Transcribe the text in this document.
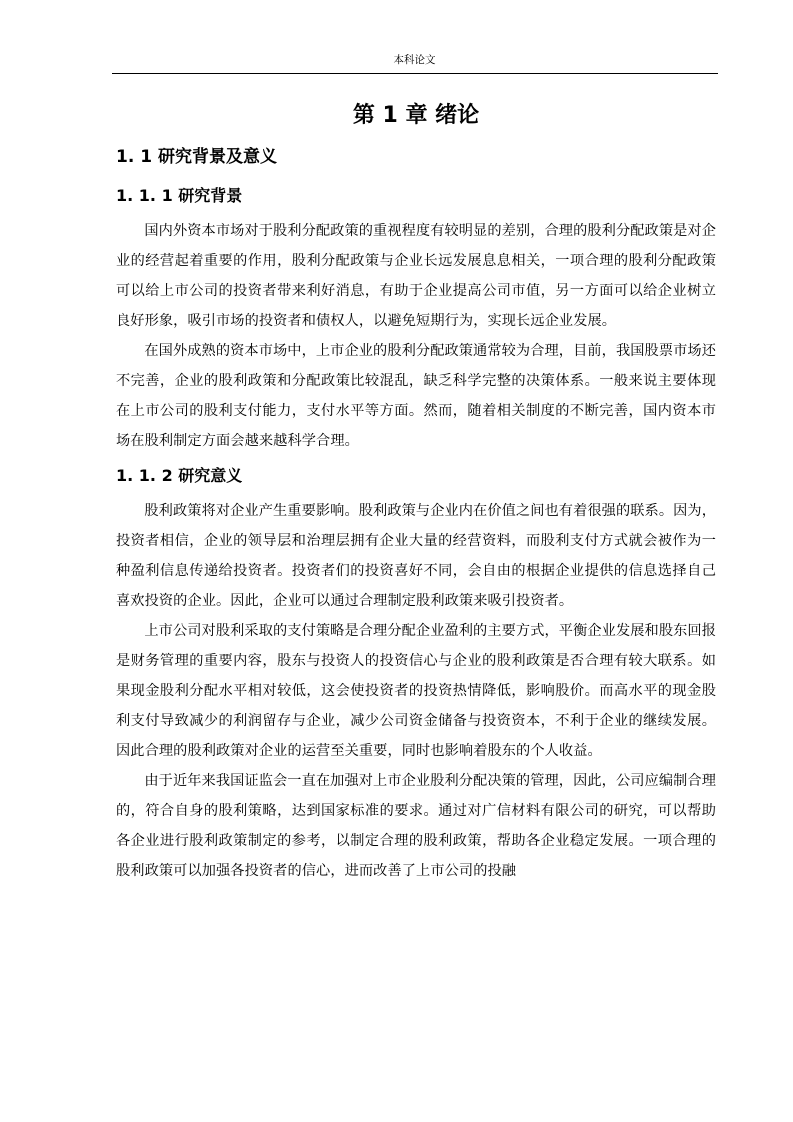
本科论文
第 1 章 绪论
1. 1 研究背景及意义
1. 1. 1 研究背景

国内外资本市场对于股利分配政策的重视程度有较明显的差别，合理的股利分配政策是对企业的经营起着重要的作用，股利分配政策与企业长远发展息息相关，一项合理的股利分配政策可以给上市公司的投资者带来利好消息，有助于企业提高公司市值，另一方面可以给企业树立良好形象，吸引市场的投资者和债权人，以避免短期行为，实现长远企业发展。

在国外成熟的资本市场中，上市企业的股利分配政策通常较为合理，目前，我国股票市场还不完善，企业的股利政策和分配政策比较混乱，缺乏科学完整的决策体系。一般来说主要体现在上市公司的股利支付能力，支付水平等方面。然而，随着相关制度的不断完善，国内资本市场在股利制定方面会越来越科学合理。

1. 1. 2 研究意义

股利政策将对企业产生重要影响。股利政策与企业内在价值之间也有着很强的联系。因为，投资者相信，企业的领导层和治理层拥有企业大量的经营资料，而股利支付方式就会被作为一种盈利信息传递给投资者。投资者们的投资喜好不同，会自由的根据企业提供的信息选择自己喜欢投资的企业。因此，企业可以通过合理制定股利政策来吸引投资者。

上市公司对股利采取的支付策略是合理分配企业盈利的主要方式，平衡企业发展和股东回报是财务管理的重要内容，股东与投资人的投资信心与企业的股利政策是否合理有较大联系。如果现金股利分配水平相对较低，这会使投资者的投资热情降低，影响股价。而高水平的现金股利支付导致减少的利润留存与企业，减少公司资金储备与投资资本，不利于企业的继续发展。因此合理的股利政策对企业的运营至关重要，同时也影响着股东的个人收益。

由于近年来我国证监会一直在加强对上市企业股利分配决策的管理，因此，公司应编制合理的，符合自身的股利策略，达到国家标准的要求。通过对广信材料有限公司的研究，可以帮助各企业进行股利政策制定的参考，以制定合理的股利政策，帮助各企业稳定发展。一项合理的股利政策可以加强各投资者的信心，进而改善了上市公司的投融
